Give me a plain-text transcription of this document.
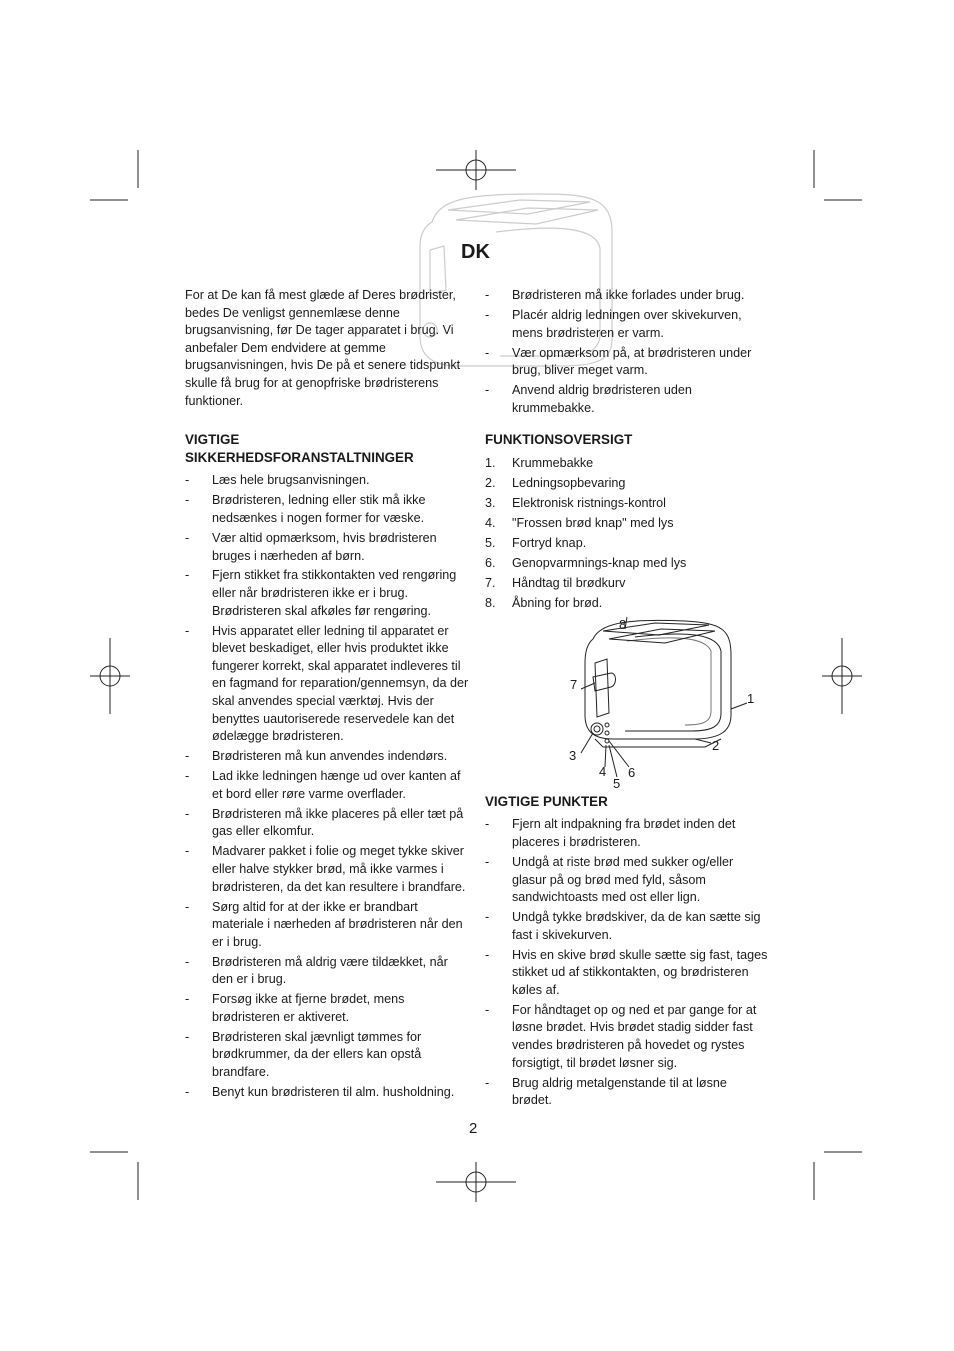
DK

For at De kan få mest glæde af Deres brødrister, bedes De venligst gennemlæse denne brugsanvisning, før De tager apparatet i brug. Vi anbefaler Dem endvidere at gemme brugsanvisningen, hvis De på et senere tidspunkt skulle få brug for at genopfriske brødristerens funktioner.

VIGTIGE SIKKERHEDSFORANSTALTNINGER
- Læs hele brugsanvisningen.
- Brødristeren, ledning eller stik må ikke nedsænkes i nogen former for væske.
- Vær altid opmærksom, hvis brødristeren bruges i nærheden af børn.
- Fjern stikket fra stikkontakten ved rengøring eller når brødristeren ikke er i brug. Brødristeren skal afkøles før rengøring.
- Hvis apparatet eller ledning til apparatet er blevet beskadiget, eller hvis produktet ikke fungerer korrekt, skal apparatet indleveres til en fagmand for reparation/gennemsyn, da der skal anvendes special værktøj. Hvis der benyttes uautoriserede reservedele kan det ødelægge brødristeren.
- Brødristeren må kun anvendes indendørs.
- Lad ikke ledningen hænge ud over kanten af et bord eller røre varme overflader.
- Brødristeren må ikke placeres på eller tæt på gas eller elkomfur.
- Madvarer pakket i folie og meget tykke skiver eller halve stykker brød, må ikke varmes i brødristeren, da det kan resultere i brandfare.
- Sørg altid for at der ikke er brandbart materiale i nærheden af brødristeren når den er i brug.
- Brødristeren må aldrig være tildækket, når den er i brug.
- Forsøg ikke at fjerne brødet, mens brødristeren er aktiveret.
- Brødristeren skal jævnligt tømmes for brødkrummer, da der ellers kan opstå brandfare.
- Benyt kun brødristeren til alm. husholdning.
- Brødristeren må ikke forlades under brug.
- Placér aldrig ledningen over skivekurven, mens brødristeren er varm.
- Vær opmærksom på, at brødristeren under brug, bliver meget varm.
- Anvend aldrig brødristeren uden krummebakke.
FUNKTIONSOVERSIGT
1. Krummebakke
2. Ledningsopbevaring
3. Elektronisk ristnings-kontrol
4. "Frossen brød knap" med lys
5. Fortryd knap.
6. Genopvarmnings-knap med lys
7. Håndtag til brødkurv
8. Åbning for brød.
1
2
3
4
5
6
7
8
VIGTIGE PUNKTER
- Fjern alt indpakning fra brødet inden det placeres i brødristeren.
- Undgå at riste brød med sukker og/eller glasur på og brød med fyld, såsom sandwichtoasts med ost eller lign.
- Undgå tykke brødskiver, da de kan sætte sig fast i skivekurven.
- Hvis en skive brød skulle sætte sig fast, tages stikket ud af stikkontakten, og brødristeren køles af.
- For håndtaget op og ned et par gange for at løsne brødet. Hvis brødet stadig sidder fast vendes brødristeren på hovedet og rystes forsigtigt, til brødet løsner sig.
- Brug aldrig metalgenstande til at løsne brødet.
2
